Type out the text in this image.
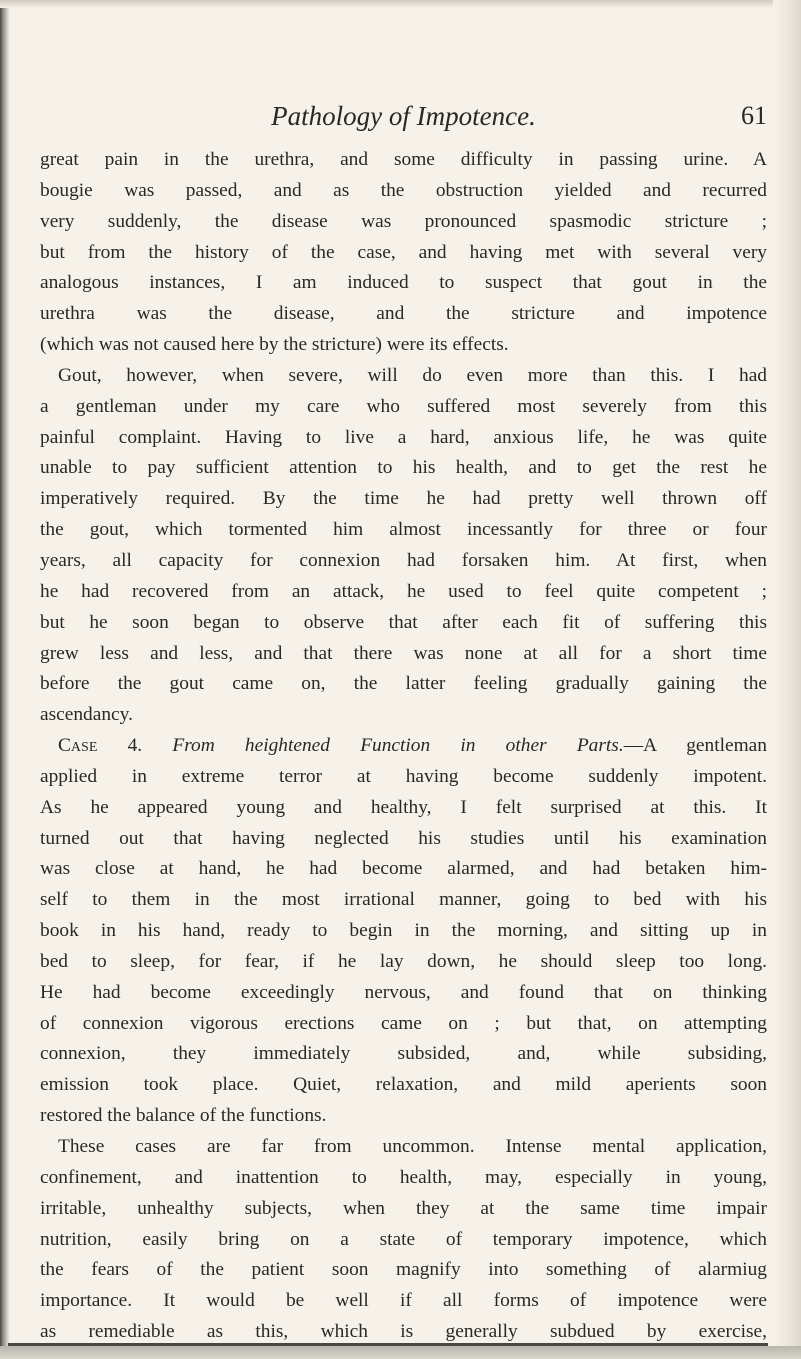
Pathology of Impotence.	61
great pain in the urethra, and some difficulty in passing urine. A
bougie was passed, and as the obstruction yielded and recurred
very suddenly, the disease was pronounced spasmodic stricture ;
but from the history of the case, and having met with several very
analogous instances, I am induced to suspect that gout in the
urethra was the disease, and the stricture and impotence
(which was not caused here by the stricture) were its effects.
Gout, however, when severe, will do even more than this. I had
a gentleman under my care who suffered most severely from this
painful complaint. Having to live a hard, anxious life, he was quite
unable to pay sufficient attention to his health, and to get the rest he
imperatively required. By the time he had pretty well thrown off
the gout, which tormented him almost incessantly for three or four
years, all capacity for connexion had forsaken him. At first, when
he had recovered from an attack, he used to feel quite competent ;
but he soon began to observe that after each fit of suffering this
grew less and less, and that there was none at all for a short time
before the gout came on, the latter feeling gradually gaining the
ascendancy.
Case 4. From heightened Function in other Parts.—A gentleman
applied in extreme terror at having become suddenly impotent.
As he appeared young and healthy, I felt surprised at this. It
turned out that having neglected his studies until his examination
was close at hand, he had become alarmed, and had betaken him-
self to them in the most irrational manner, going to bed with his
book in his hand, ready to begin in the morning, and sitting up in
bed to sleep, for fear, if he lay down, he should sleep too long.
He had become exceedingly nervous, and found that on thinking
of connexion vigorous erections came on ; but that, on attempting
connexion, they immediately subsided, and, while subsiding,
emission took place. Quiet, relaxation, and mild aperients soon
restored the balance of the functions.
These cases are far from uncommon. Intense mental application,
confinement, and inattention to health, may, especially in young,
irritable, unhealthy subjects, when they at the same time impair
nutrition, easily bring on a state of temporary impotence, which
the fears of the patient soon magnify into something of alarmiug
importance. It would be well if all forms of impotence were
as remediable as this, which is generally subdued by exercise,
